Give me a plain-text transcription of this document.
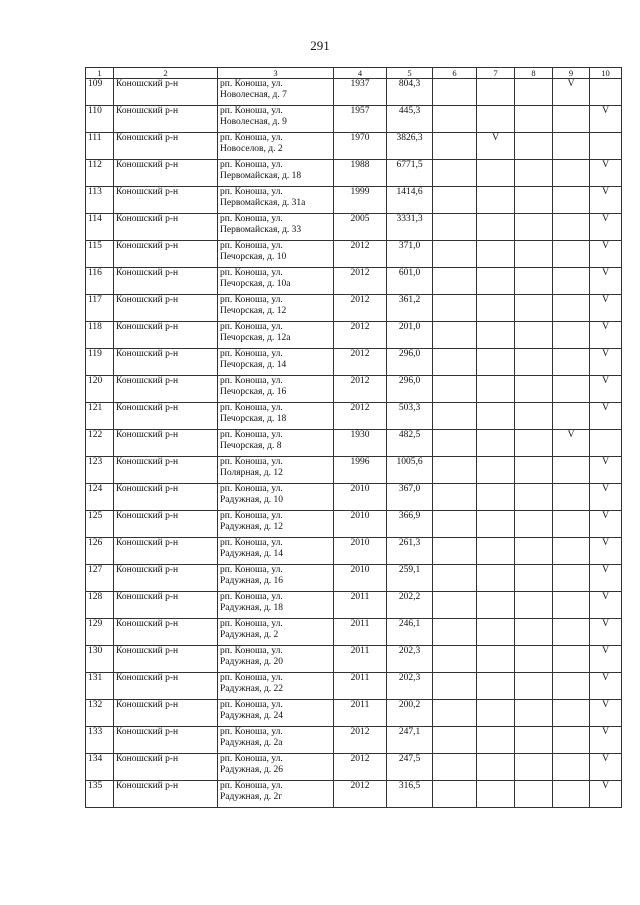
291
1	2	3	4	5	6	7	8	9	10
109	Коношский р-н	рп. Коноша, ул.
Новолесная, д. 7	1937	804,3				V	
110	Коношский р-н	рп. Коноша, ул.
Новолесная, д. 9	1957	445,3					V
111	Коношский р-н	рп. Коноша, ул.
Новоселов, д. 2	1970	3826,3		V			
112	Коношский р-н	рп. Коноша, ул.
Первомайская, д. 18	1988	6771,5					V
113	Коношский р-н	рп. Коноша, ул.
Первомайская, д. 31а	1999	1414,6					V
114	Коношский р-н	рп. Коноша, ул.
Первомайская, д. 33	2005	3331,3					V
115	Коношский р-н	рп. Коноша, ул.
Печорская, д. 10	2012	371,0					V
116	Коношский р-н	рп. Коноша, ул.
Печорская, д. 10а	2012	601,0					V
117	Коношский р-н	рп. Коноша, ул.
Печорская, д. 12	2012	361,2					V
118	Коношский р-н	рп. Коноша, ул.
Печорская, д. 12а	2012	201,0					V
119	Коношский р-н	рп. Коноша, ул.
Печорская, д. 14	2012	296,0					V
120	Коношский р-н	рп. Коноша, ул.
Печорская, д. 16	2012	296,0					V
121	Коношский р-н	рп. Коноша, ул.
Печорская, д. 18	2012	503,3					V
122	Коношский р-н	рп. Коноша, ул.
Печорская, д. 8	1930	482,5				V	
123	Коношский р-н	рп. Коноша, ул.
Полярная, д. 12	1996	1005,6					V
124	Коношский р-н	рп. Коноша, ул.
Радужная, д. 10	2010	367,0					V
125	Коношский р-н	рп. Коноша, ул.
Радужная, д. 12	2010	366,9					V
126	Коношский р-н	рп. Коноша, ул.
Радужная, д. 14	2010	261,3					V
127	Коношский р-н	рп. Коноша, ул.
Радужная, д. 16	2010	259,1					V
128	Коношский р-н	рп. Коноша, ул.
Радужная, д. 18	2011	202,2					V
129	Коношский р-н	рп. Коноша, ул.
Радужная, д. 2	2011	246,1					V
130	Коношский р-н	рп. Коноша, ул.
Радужная, д. 20	2011	202,3					V
131	Коношский р-н	рп. Коноша, ул.
Радужная, д. 22	2011	202,3					V
132	Коношский р-н	рп. Коноша, ул.
Радужная, д. 24	2011	200,2					V
133	Коношский р-н	рп. Коноша, ул.
Радужная, д. 2а	2012	247,1					V
134	Коношский р-н	рп. Коноша, ул.
Радужная, д. 26	2012	247,5					V
135	Коношский р-н	рп. Коноша, ул.
Радужная, д. 2г	2012	316,5					V
